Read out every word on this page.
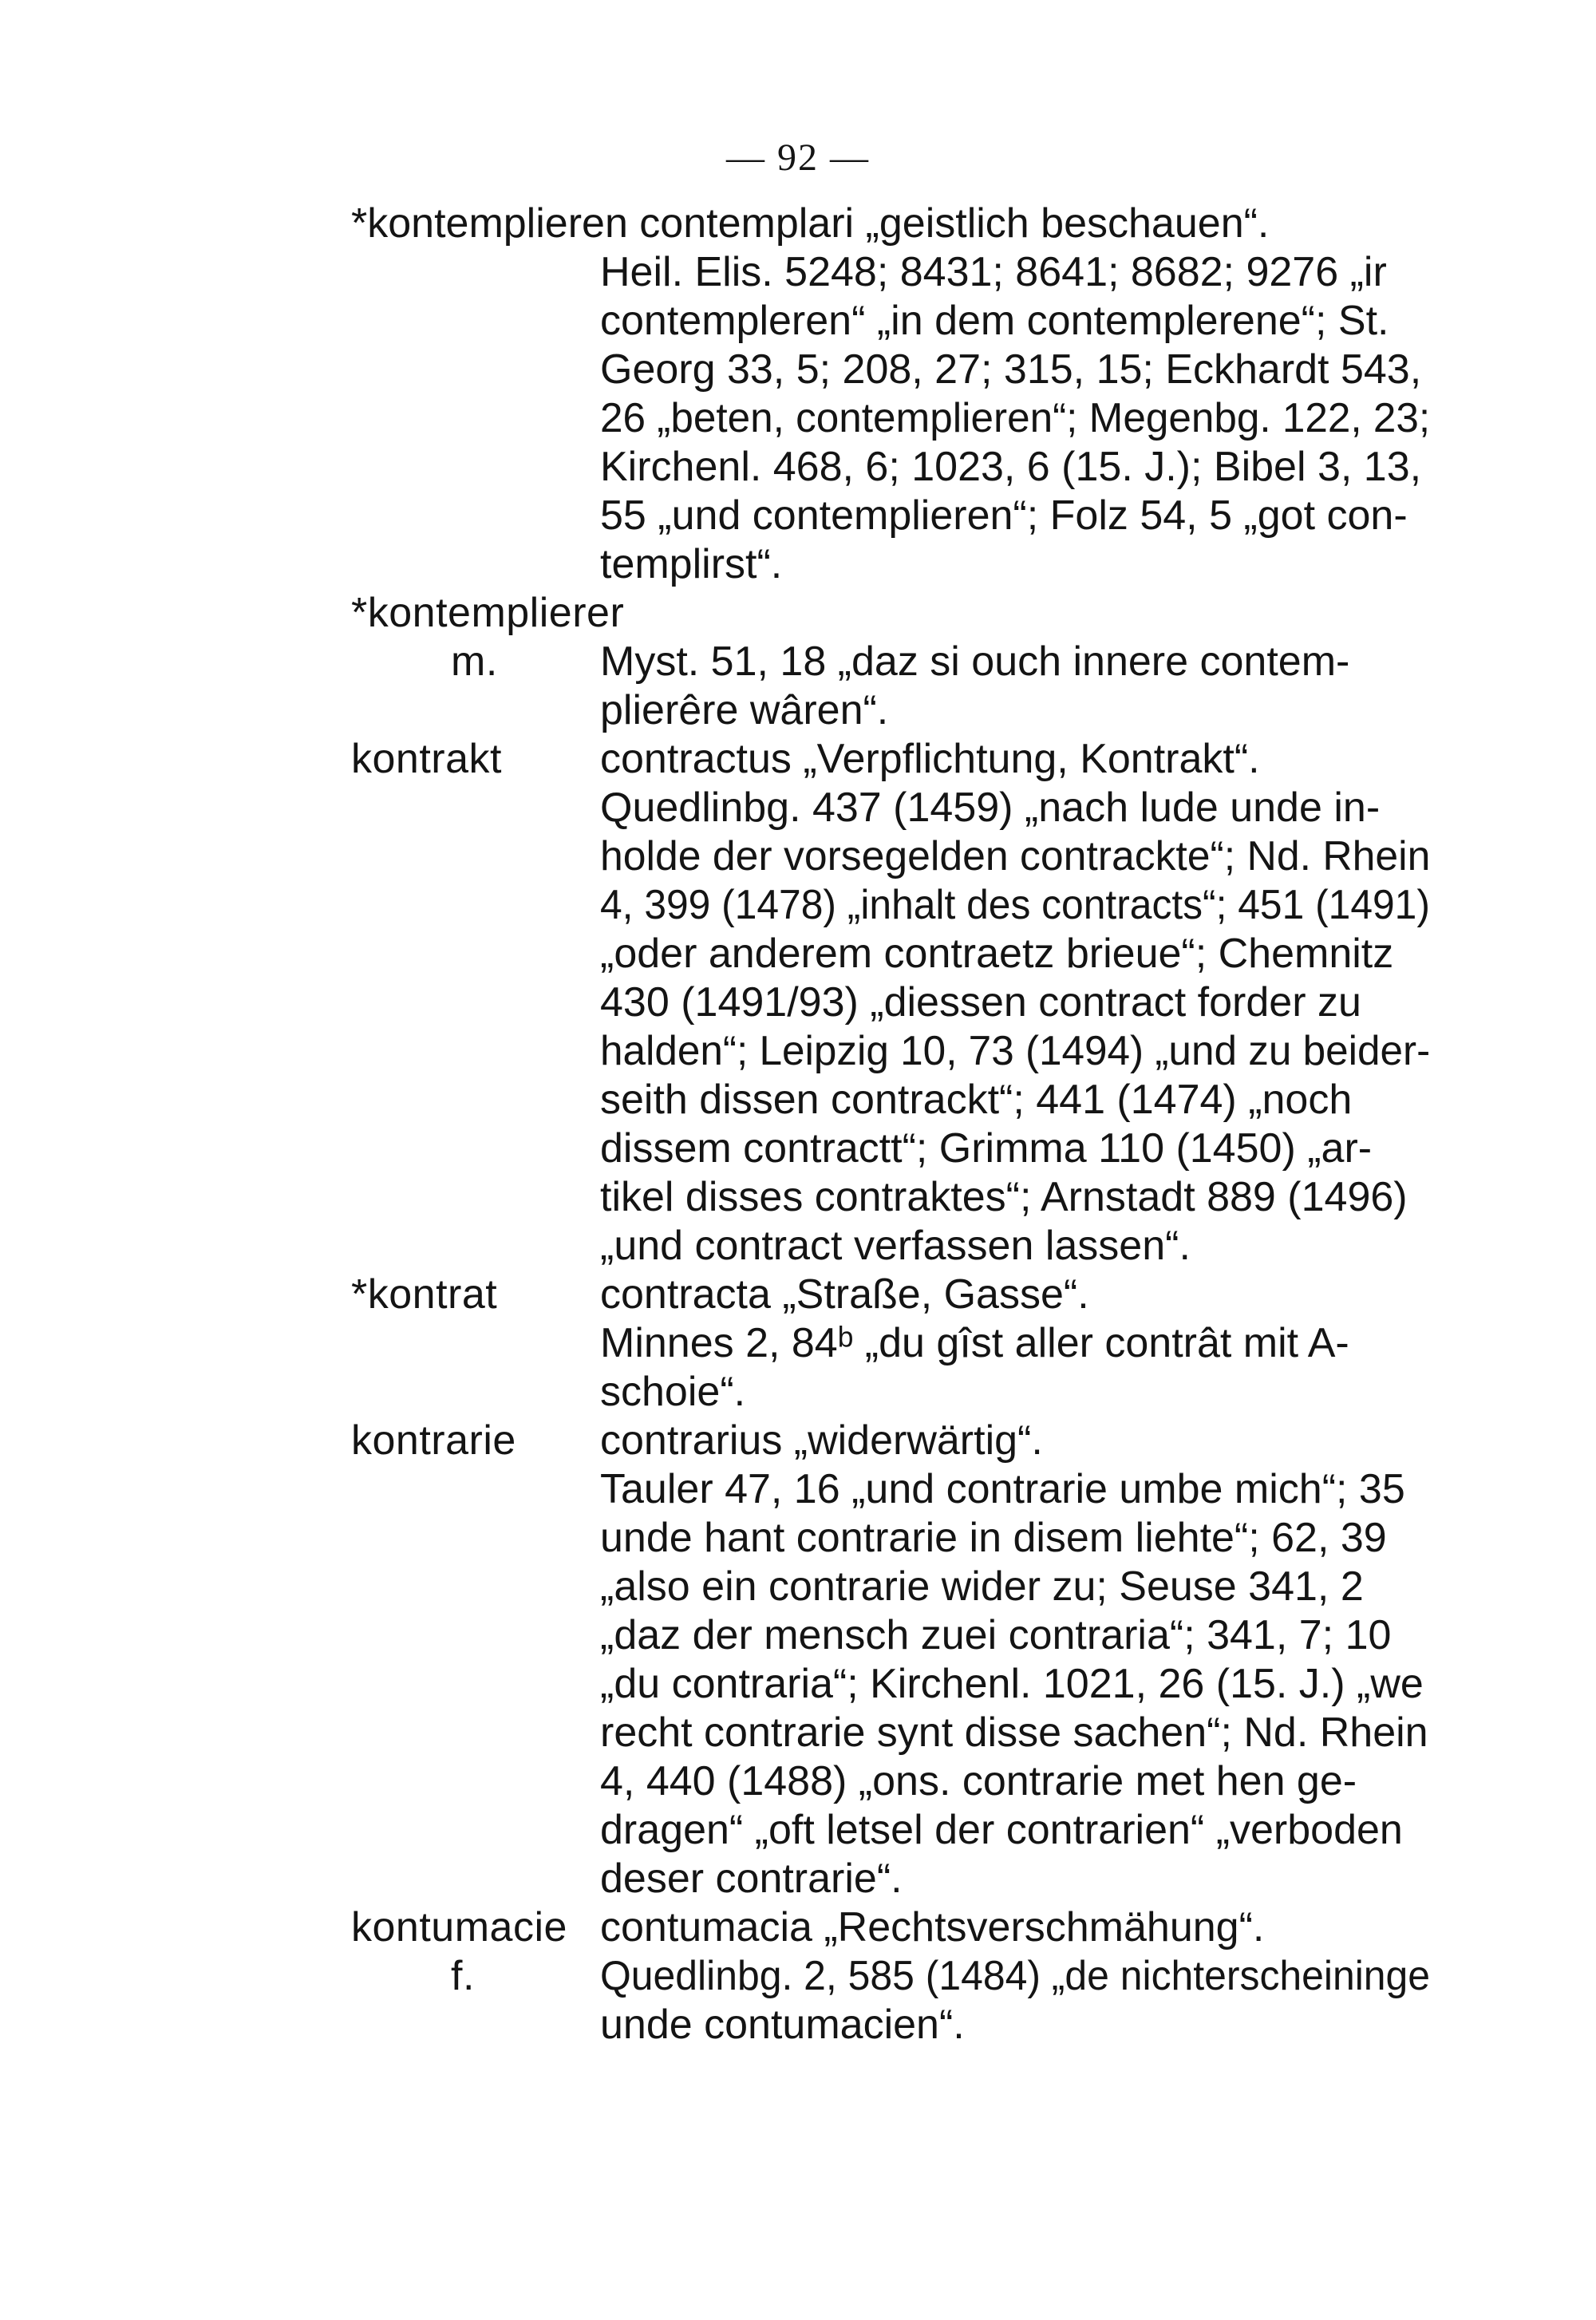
— 92 —
*kontemplieren contemplari „geistlich beschauen“.
Heil. Elis. 5248; 8431; 8641; 8682; 9276 „ir
contempleren“ „in dem contemplerene“; St.
Georg 33, 5; 208, 27; 315, 15; Eckhardt 543,
26 „beten, contemplieren“; Megenbg. 122, 23;
Kirchenl. 468, 6; 1023, 6 (15. J.); Bibel 3, 13,
55 „und contemplieren“; Folz 54, 5 „got con-
templirst“.
*kontemplierer
m. Myst. 51, 18 „daz si ouch innere contem-
plierêre wâren“.
kontrakt contractus „Verpflichtung, Kontrakt“.
Quedlinbg. 437 (1459) „nach lude unde in-
holde der vorsegelden contrackte“; Nd. Rhein
4, 399 (1478) „inhalt des contracts“; 451 (1491)
„oder anderem contraetz brieue“; Chemnitz
430 (1491/93) „diessen contract forder zu
halden“; Leipzig 10, 73 (1494) „und zu beider-
seith dissen contrackt“; 441 (1474) „noch
dissem contractt“; Grimma 110 (1450) „ar-
tikel disses contraktes“; Arnstadt 889 (1496)
„und contract verfassen lassen“.
*kontrat contracta „Straße, Gasse“.
Minnes 2, 84ᵇ „du gîst aller contrât mit A-
schoie“.
kontrarie contrarius „widerwärtig“.
Tauler 47, 16 „und contrarie umbe mich“; 35
unde hant contrarie in disem liehte“; 62, 39
„also ein contrarie wider zu; Seuse 341, 2
„daz der mensch zuei contraria“; 341, 7; 10
„du contraria“; Kirchenl. 1021, 26 (15. J.) „we
recht contrarie synt disse sachen“; Nd. Rhein
4, 440 (1488) „ons. contrarie met hen ge-
dragen“ „oft letsel der contrarien“ „verboden
deser contrarie“.
kontumacie contumacia „Rechtsverschmähung“.
f.	Quedlinbg. 2, 585 (1484) „de nichterscheininge
unde contumacien“.
